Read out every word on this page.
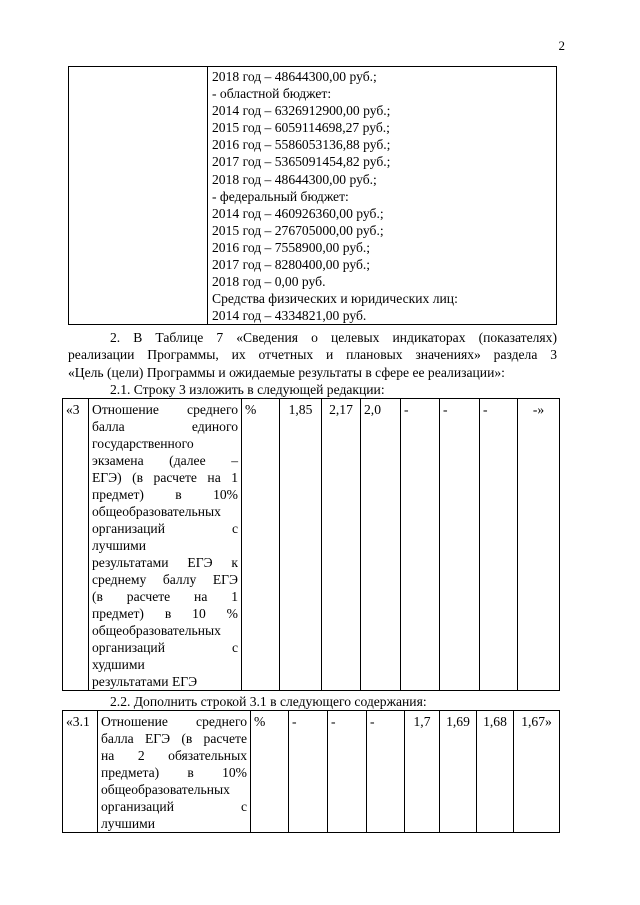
2

2018 год – 48644300,00 руб.;
- областной бюджет:
2014 год – 6326912900,00 руб.;
2015 год – 6059114698,27 руб.;
2016 год – 5586053136,88 руб.;
2017 год – 5365091454,82 руб.;
2018 год – 48644300,00 руб.;
- федеральный бюджет:
2014 год – 460926360,00 руб.;
2015 год – 276705000,00 руб.;
2016 год – 7558900,00 руб.;
2017 год – 8280400,00 руб.;
2018 год – 0,00 руб.
Средства физических и юридических лиц:
2014 год – 4334821,00 руб.
2. В Таблице 7 «Сведения о целевых индикаторах (показателях)
реализации Программы, их отчетных и плановых значениях» раздела 3
«Цель (цели) Программы и ожидаемые результаты в сфере ее реализации»:
2.1. Строку 3 изложить в следующей редакции:
«3	Отношение среднего
балла единого
государственного
экзамена (далее –
ЕГЭ) (в расчете на 1
предмет) в 10%
общеобразовательных
организаций с
лучшими
результатами ЕГЭ к
среднему баллу ЕГЭ
(в расчете на 1
предмет) в 10 %
общеобразовательных
организаций с
худшими
результатами ЕГЭ
	%	1,85	2,17	2,0	-	-	-	-»
2.2. Дополнить строкой 3.1 в следующего содержания:
«3.1	Отношение среднего
балла ЕГЭ (в расчете
на 2 обязательных
предмета) в 10%
общеобразовательных
организаций с
лучшими
	%	-	-	-	1,7	1,69	1,68	1,67»
